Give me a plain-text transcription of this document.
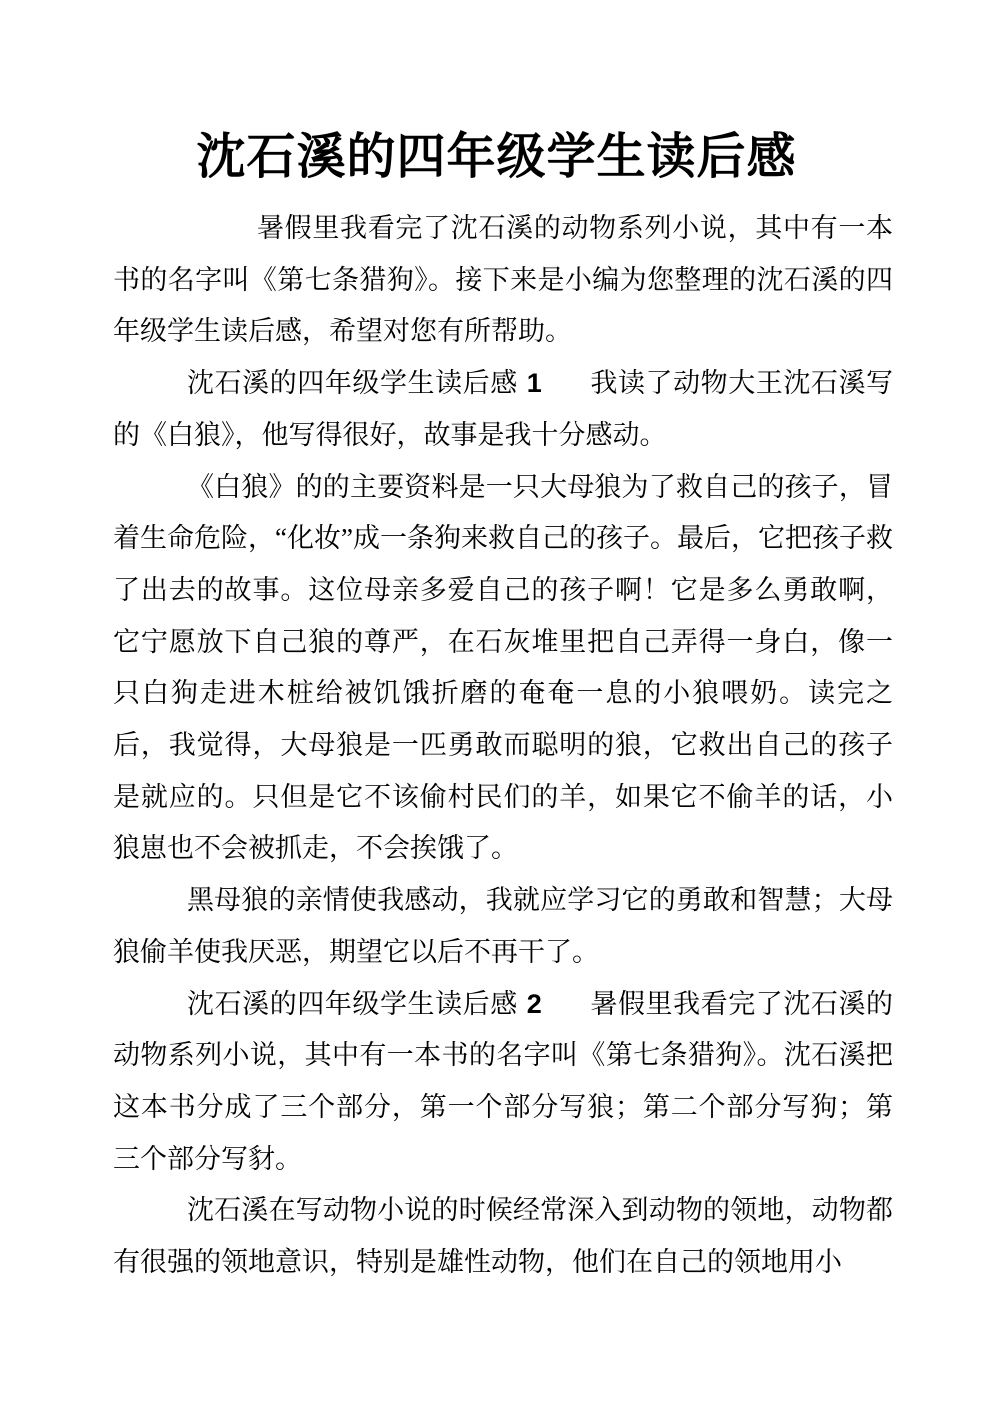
沈石溪的四年级学生读后感

暑假里我看完了沈石溪的动物系列小说，其中有一本书的名字叫《第七条猎狗》。接下来是小编为您整理的沈石溪的四年级学生读后感，希望对您有所帮助。

沈石溪的四年级学生读后感 1 我读了动物大王沈石溪写的《白狼》，他写得很好，故事是我十分感动。

《白狼》的的主要资料是一只大母狼为了救自己的孩子，冒着生命危险，“化妆”成一条狗来救自己的孩子。最后，它把孩子救了出去的故事。这位母亲多爱自己的孩子啊！它是多么勇敢啊，它宁愿放下自己狼的尊严，在石灰堆里把自己弄得一身白，像一只白狗走进木桩给被饥饿折磨的奄奄一息的小狼喂奶。读完之后，我觉得，大母狼是一匹勇敢而聪明的狼，它救出自己的孩子是就应的。只但是它不该偷村民们的羊，如果它不偷羊的话，小狼崽也不会被抓走，不会挨饿了。

黑母狼的亲情使我感动，我就应学习它的勇敢和智慧；大母狼偷羊使我厌恶，期望它以后不再干了。

沈石溪的四年级学生读后感 2 暑假里我看完了沈石溪的动物系列小说，其中有一本书的名字叫《第七条猎狗》。沈石溪把这本书分成了三个部分，第一个部分写狼；第二个部分写狗；第三个部分写豺。

沈石溪在写动物小说的时候经常深入到动物的领地，动物都有很强的领地意识，特别是雄性动物，他们在自己的领地用小
